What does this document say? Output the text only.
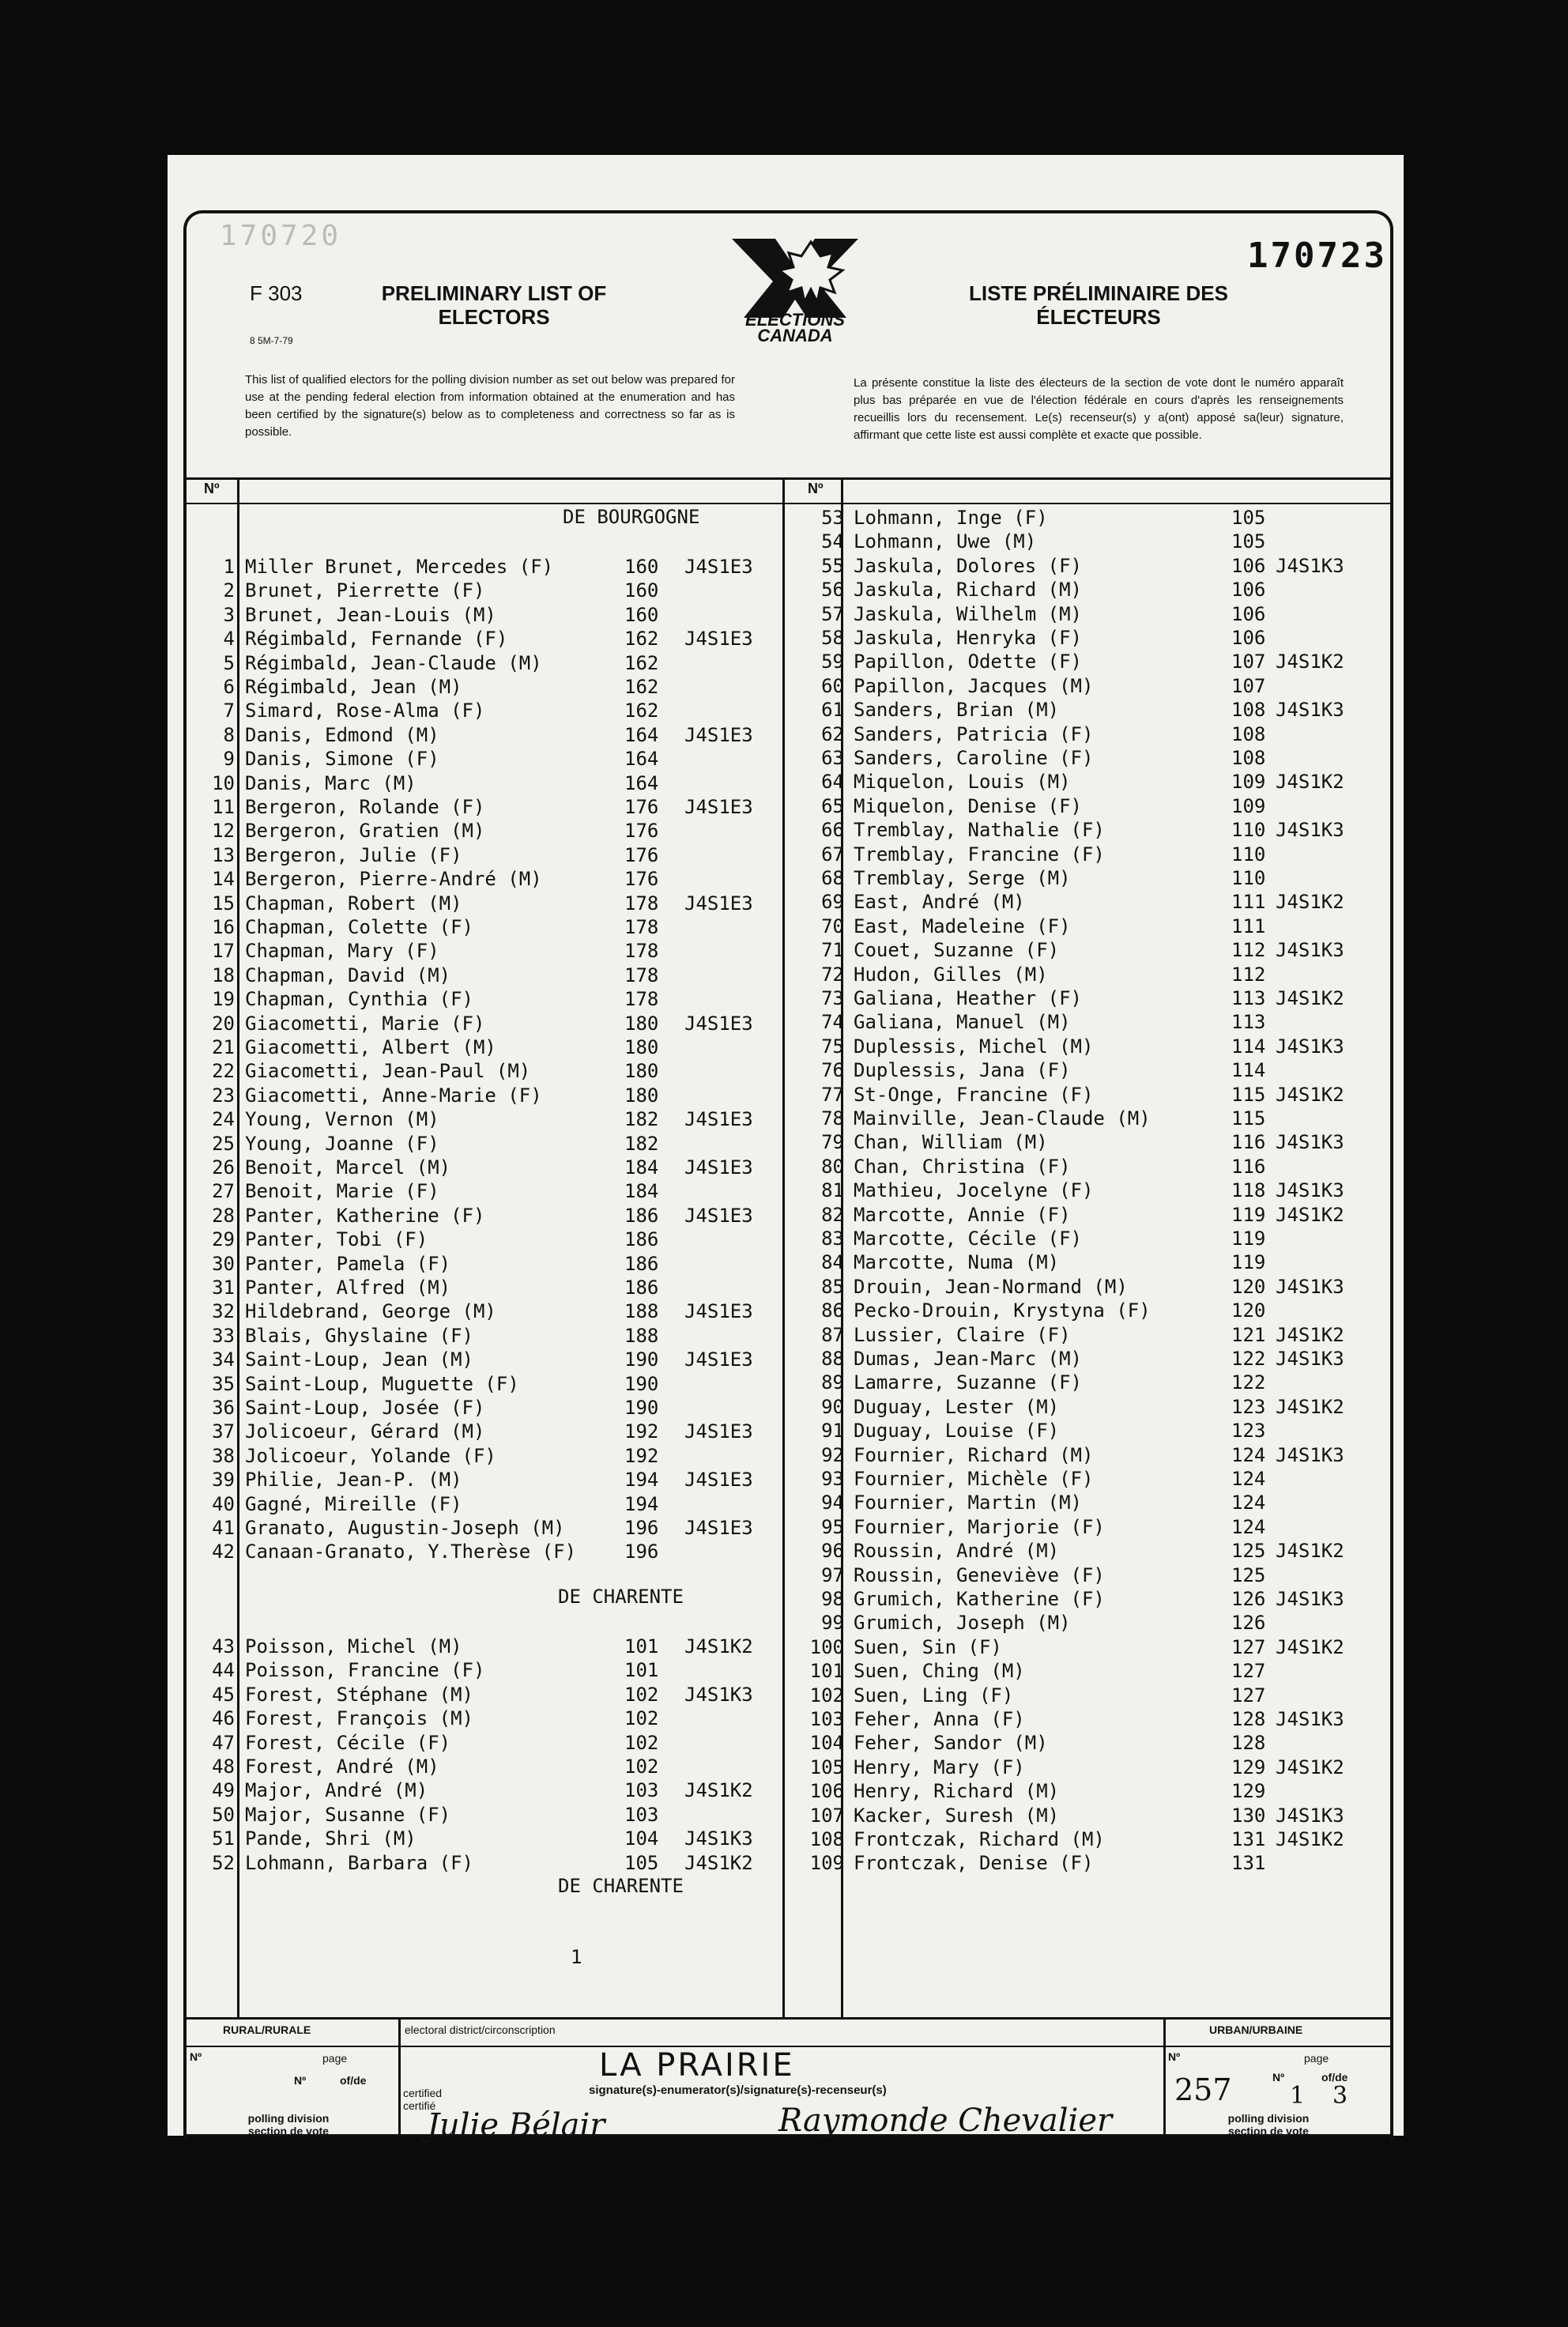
170720
F 303
8 5M-7-79
PRELIMINARY LIST OF ELECTORS	ELECTIONS
CANADA
LISTE PRÉLIMINAIRE DES ÉLECTEURS
170723
This list of qualified electors for the polling division number as set out below was prepared for use at the pending federal election from information obtained at the enumeration and has been certified by the signature(s) below as to completeness and correctness so far as is possible.
La présente constitue la liste des électeurs de la section de vote dont le numéro apparaît plus bas préparée en vue de l'élection fédérale en cours d'après les renseignements recueillis lors du recensement. Le(s) recenseur(s) y a(ont) apposé sa(leur) signature, affirmant que cette liste est aussi complète et exacte que possible.
Nº	Nº
DE BOURGOGNE
1 Miller Brunet, Mercedes (F)	160 J4S1E3
2 Brunet, Pierrette (F)	160
3 Brunet, Jean-Louis (M)	160
4 Régimbald, Fernande (F)	162 J4S1E3
5 Régimbald, Jean-Claude (M)	162
6 Régimbald, Jean (M)	162
7 Simard, Rose-Alma (F)	162
8 Danis, Edmond (M)	164 J4S1E3
9 Danis, Simone (F)	164
10 Danis, Marc (M)	164
11 Bergeron, Rolande (F)	176 J4S1E3
12 Bergeron, Gratien (M)	176
13 Bergeron, Julie (F)	176
14 Bergeron, Pierre-André (M)	176
15 Chapman, Robert (M)	178 J4S1E3
16 Chapman, Colette (F)	178
17 Chapman, Mary (F)	178
18 Chapman, David (M)	178
19 Chapman, Cynthia (F)	178
20 Giacometti, Marie (F)	180 J4S1E3
21 Giacometti, Albert (M)	180
22 Giacometti, Jean-Paul (M)	180
23 Giacometti, Anne-Marie (F)	180
24 Young, Vernon (M)	182 J4S1E3
25 Young, Joanne (F)	182
26 Benoit, Marcel (M)	184 J4S1E3
27 Benoit, Marie (F)	184
28 Panter, Katherine (F)	186 J4S1E3
29 Panter, Tobi (F)	186
30 Panter, Pamela (F)	186
31 Panter, Alfred (M)	186
32 Hildebrand, George (M)	188 J4S1E3
33 Blais, Ghyslaine (F)	188
34 Saint-Loup, Jean (M)	190 J4S1E3
35 Saint-Loup, Muguette (F)	190
36 Saint-Loup, Josée (F)	190
37 Jolicoeur, Gérard (M)	192 J4S1E3
38 Jolicoeur, Yolande (F)	192
39 Philie, Jean-P. (M)	194 J4S1E3
40 Gagné, Mireille (F)	194
41 Granato, Augustin-Joseph (M)	196 J4S1E3
42 Canaan-Granato, Y.Therèse (F)	196
DE CHARENTE
43 Poisson, Michel (M)	101 J4S1K2
44 Poisson, Francine (F)	101
45 Forest, Stéphane (M)	102 J4S1K3
46 Forest, François (M)	102
47 Forest, Cécile (F)	102
48 Forest, André (M)	102
49 Major, André (M)	103 J4S1K2
50 Major, Susanne (F)	103
51 Pande, Shri (M)	104 J4S1K3
52 Lohmann, Barbara (F)	105 J4S1K2
DE CHARENTE
1
53 Lohmann, Inge (F)	105
54 Lohmann, Uwe (M)	105
55 Jaskula, Dolores (F)	106 J4S1K3
56 Jaskula, Richard (M)	106
57 Jaskula, Wilhelm (M)	106
58 Jaskula, Henryka (F)	106
59 Papillon, Odette (F)	107 J4S1K2
60 Papillon, Jacques (M)	107
61 Sanders, Brian (M)	108 J4S1K3
62 Sanders, Patricia (F)	108
63 Sanders, Caroline (F)	108
64 Miquelon, Louis (M)	109 J4S1K2
65 Miquelon, Denise (F)	109
66 Tremblay, Nathalie (F)	110 J4S1K3
67 Tremblay, Francine (F)	110
68 Tremblay, Serge (M)	110
69 East, André (M)	111 J4S1K2
70 East, Madeleine (F)	111
71 Couet, Suzanne (F)	112 J4S1K3
72 Hudon, Gilles (M)	112
73 Galiana, Heather (F)	113 J4S1K2
74 Galiana, Manuel (M)	113
75 Duplessis, Michel (M)	114 J4S1K3
76 Duplessis, Jana (F)	114
77 St-Onge, Francine (F)	115 J4S1K2
78 Mainville, Jean-Claude (M)	115
79 Chan, William (M)	116 J4S1K3
80 Chan, Christina (F)	116
81 Mathieu, Jocelyne (F)	118 J4S1K3
82 Marcotte, Annie (F)	119 J4S1K2
83 Marcotte, Cécile (F)	119
84 Marcotte, Numa (M)	119
85 Drouin, Jean-Normand (M)	120 J4S1K3
86 Pecko-Drouin, Krystyna (F)	120
87 Lussier, Claire (F)	121 J4S1K2
88 Dumas, Jean-Marc (M)	122 J4S1K3
89 Lamarre, Suzanne (F)	122
90 Duguay, Lester (M)	123 J4S1K2
91 Duguay, Louise (F)	123
92 Fournier, Richard (M)	124 J4S1K3
93 Fournier, Michèle (F)	124
94 Fournier, Martin (M)	124
95 Fournier, Marjorie (F)	124
96 Roussin, André (M)	125 J4S1K2
97 Roussin, Geneviève (F)	125
98 Grumich, Katherine (F)	126 J4S1K3
99 Grumich, Joseph (M)	126
100 Suen, Sin (F)	127 J4S1K2
101 Suen, Ching (M)	127
102 Suen, Ling (F)	127
103 Feher, Anna (F)	128 J4S1K3
104 Feher, Sandor (M)	128
105 Henry, Mary (F)	129 J4S1K2
106 Henry, Richard (M)	129
107 Kacker, Suresh (M)	130 J4S1K3
108 Frontczak, Richard (M)	131 J4S1K2
109 Frontczak, Denise (F)	131
RURAL/RURALE	electoral district/circonscription	URBAN/URBAINE
Nº	page
Nº	of/de
polling division section de vote
LA PRAIRIE
signature(s)-enumerator(s)/signature(s)-recenseur(s)
certified certifié
Julie Bélair	Raymonde Chevalier
Nº	page
Nº	of/de
257 1 3
polling division section de vote
